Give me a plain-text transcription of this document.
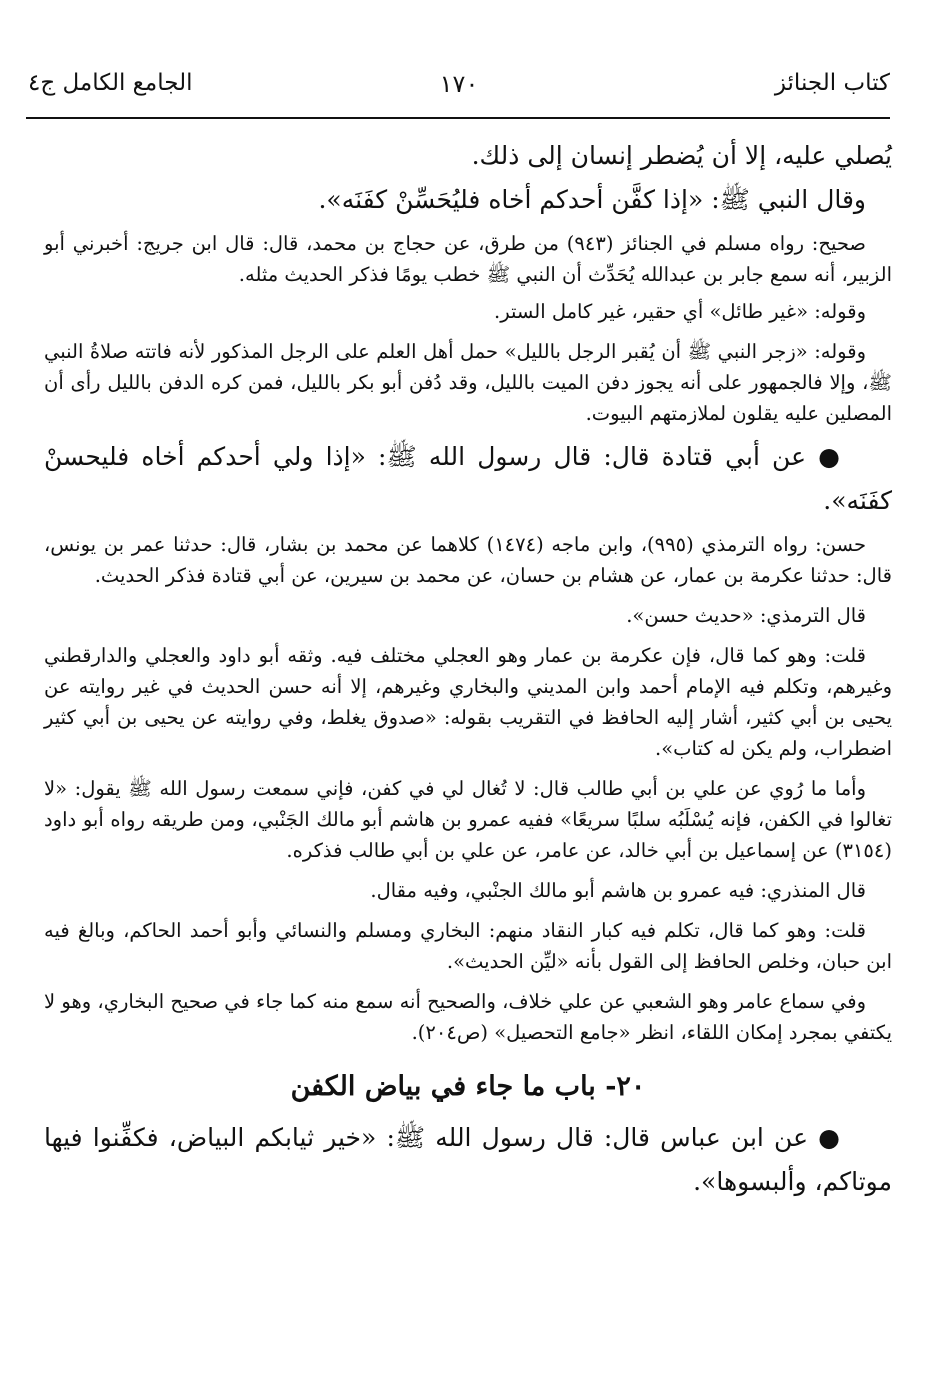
كتاب الجنائز
١٧٠
الجامع الكامل ج٤

يُصلي عليه، إلا أن يُضطر إنسان إلى ذلك.

وقال النبي ﷺ: «إذا كفَّن أحدكم أخاه فليُحَسِّنْ كفَنَه».

صحيح: رواه مسلم في الجنائز (٩٤٣) من طرق، عن حجاج بن محمد، قال: قال ابن جريج: أخبرني أبو الزبير، أنه سمع جابر بن عبدالله يُحَدِّث أن النبي ﷺ خطب يومًا فذكر الحديث مثله.

وقوله: «غير طائل» أي حقير، غير كامل الستر.

وقوله: «زجر النبي ﷺ أن يُقبر الرجل بالليل» حمل أهل العلم على الرجل المذكور لأنه فاتته صلاةُ النبي ﷺ، وإلا فالجمهور على أنه يجوز دفن الميت بالليل، وقد دُفن أبو بكر بالليل، فمن كره الدفن بالليل رأى أن المصلين عليه يقلون لملازمتهم البيوت.

● عن أبي قتادة قال: قال رسول الله ﷺ: «إذا ولي أحدكم أخاه فليحسنْ كفَنَه».

حسن: رواه الترمذي (٩٩٥)، وابن ماجه (١٤٧٤) كلاهما عن محمد بن بشار، قال: حدثنا عمر بن يونس، قال: حدثنا عكرمة بن عمار، عن هشام بن حسان، عن محمد بن سيرين، عن أبي قتادة فذكر الحديث.

قال الترمذي: «حديث حسن».

قلت: وهو كما قال، فإن عكرمة بن عمار وهو العجلي مختلف فيه. وثقه أبو داود والعجلي والدارقطني وغيرهم، وتكلم فيه الإمام أحمد وابن المديني والبخاري وغيرهم، إلا أنه حسن الحديث في غير روايته عن يحيى بن أبي كثير، أشار إليه الحافظ في التقريب بقوله: «صدوق يغلط، وفي روايته عن يحيى بن أبي كثير اضطراب، ولم يكن له كتاب».

وأما ما رُوي عن علي بن أبي طالب قال: لا تُغال لي في كفن، فإني سمعت رسول الله ﷺ يقول: «لا تغالوا في الكفن، فإنه يُسْلَبُه سلبًا سريعًا» ففيه عمرو بن هاشم أبو مالك الجَنْبي، ومن طريقه رواه أبو داود (٣١٥٤) عن إسماعيل بن أبي خالد، عن عامر، عن علي بن أبي طالب فذكره.

قال المنذري: فيه عمرو بن هاشم أبو مالك الجنْبي، وفيه مقال.

قلت: وهو كما قال، تكلم فيه كبار النقاد منهم: البخاري ومسلم والنسائي وأبو أحمد الحاكم، وبالغ فيه ابن حبان، وخلص الحافظ إلى القول بأنه «ليِّن الحديث».

وفي سماع عامر وهو الشعبي عن علي خلاف، والصحيح أنه سمع منه كما جاء في صحيح البخاري، وهو لا يكتفي بمجرد إمكان اللقاء، انظر «جامع التحصيل» (ص٢٠٤).

٢٠- باب ما جاء في بياض الكفن

● عن ابن عباس قال: قال رسول الله ﷺ: «خير ثيابكم البياض، فكفِّنوا فيها موتاكم، وألبسوها».
